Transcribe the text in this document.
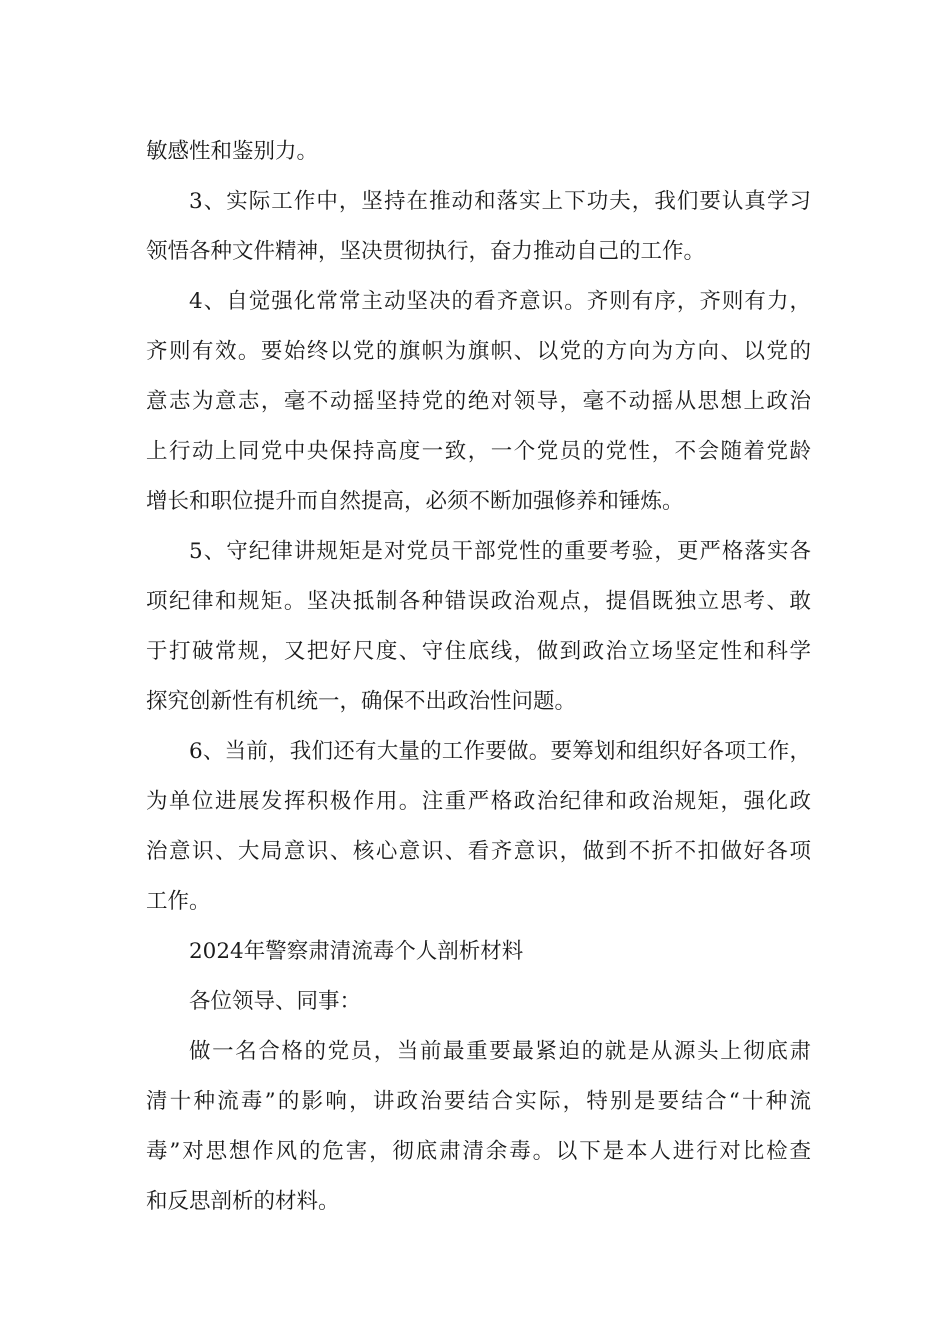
敏感性和鉴别力。
3、实际工作中，坚持在推动和落实上下功夫，我们要认真学习
领悟各种文件精神，坚决贯彻执行，奋力推动自己的工作。
4、自觉强化常常主动坚决的看齐意识。齐则有序，齐则有力，
齐则有效。要始终以党的旗帜为旗帜、以党的方向为方向、以党的
意志为意志，毫不动摇坚持党的绝对领导，毫不动摇从思想上政治
上行动上同党中央保持高度一致，一个党员的党性，不会随着党龄
增长和职位提升而自然提高，必须不断加强修养和锤炼。
5、守纪律讲规矩是对党员干部党性的重要考验，更严格落实各
项纪律和规矩。坚决抵制各种错误政治观点，提倡既独立思考、敢
于打破常规，又把好尺度、守住底线，做到政治立场坚定性和科学
探究创新性有机统一，确保不出政治性问题。
6、当前，我们还有大量的工作要做。要筹划和组织好各项工作，
为单位进展发挥积极作用。注重严格政治纪律和政治规矩，强化政
治意识、大局意识、核心意识、看齐意识，做到不折不扣做好各项
工作。
2024年警察肃清流毒个人剖析材料
各位领导、同事：
做一名合格的党员，当前最重要最紧迫的就是从源头上彻底肃
清十种流毒”的影响，讲政治要结合实际，特别是要结合“十种流
毒”对思想作风的危害，彻底肃清余毒。以下是本人进行对比检查
和反思剖析的材料。
